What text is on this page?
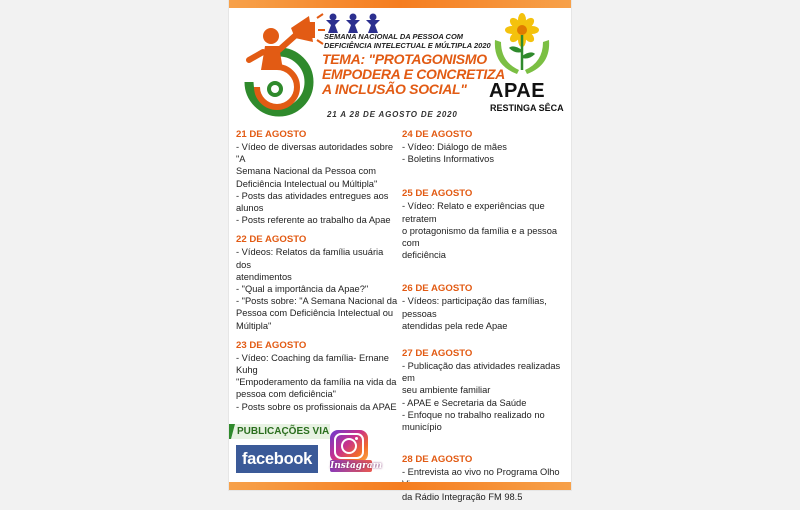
SEMANA NACIONAL DA PESSOA COM
DEFICIÊNCIA INTELECTUAL E MÚLTIPLA 2020
TEMA: "PROTAGONISMO
EMPODERA E CONCRETIZA
A INCLUSÃO SOCIAL"
21 A 28 DE AGOSTO DE 2020
APAE
RESTINGA SÊCA
21 DE AGOSTO

- Vídeo de diversas autoridades sobre "A

Semana Nacional da Pessoa com

Deficiência Intelectual ou Múltipla"

- Posts das atividades entregues aos alunos

- Posts referente ao trabalho da Apae

22 DE AGOSTO

- Vídeos: Relatos da família usuária dos

atendimentos

- "Qual a importância da Apae?"

- "Posts sobre: "A Semana Nacional da

Pessoa com Deficiência Intelectual ou

Múltipla"

23 DE AGOSTO

- Vídeo: Coaching da família- Ernane Kuhg

"Empoderamento da família na vida da

pessoa com deficiência"

- Posts sobre os profissionais da APAE

24 DE AGOSTO

- Vídeo: Diálogo de mães

- Boletins Informativos

25 DE AGOSTO

- Vídeo: Relato e experiências que retratem

o protagonismo da família e a pessoa com

deficiência

26 DE AGOSTO

- Vídeos: participação das famílias, pessoas

atendidas pela rede Apae

27 DE AGOSTO

- Publicação das atividades realizadas em

seu ambiente familiar

- APAE e Secretaria da Saúde

- Enfoque no trabalho realizado no

município

28 DE AGOSTO

- Entrevista ao vivo no Programa Olho

da Rádio Integração FM 98.5

PUBLICAÇÕES VIA
facebook	Instagram
